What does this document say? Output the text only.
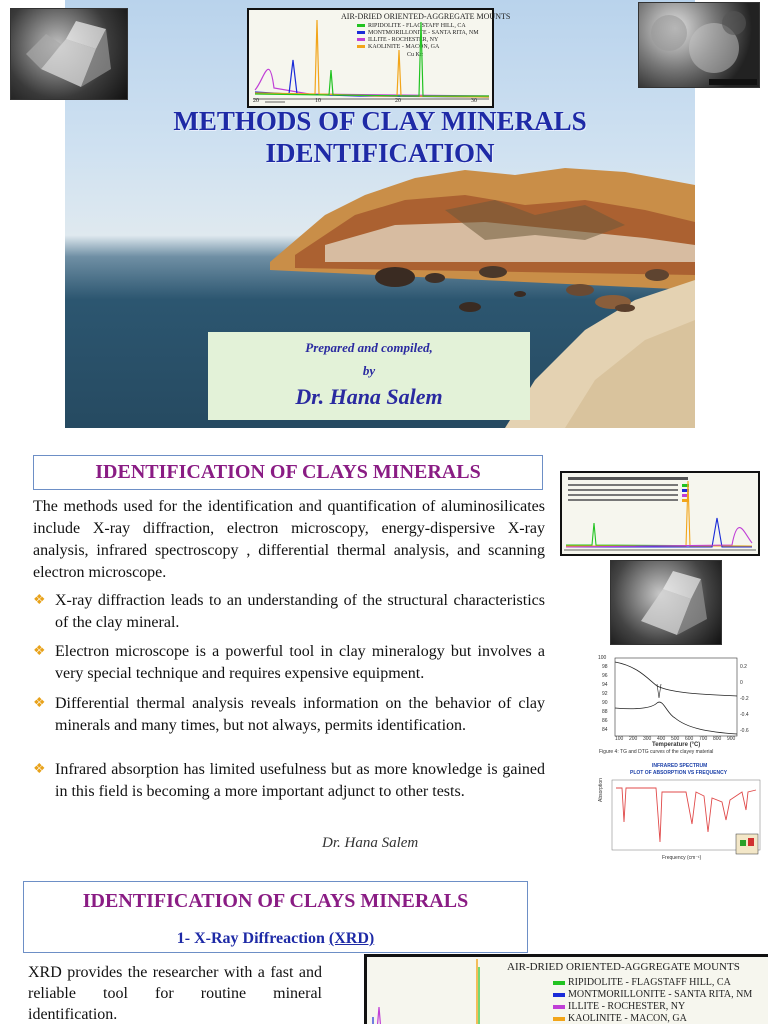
AIR-DRIED ORIENTED-AGGREGATE MOUNTS
RIPIDOLITE - FLAGSTAFF HILL, CA
MONTMORILLONITE - SANTA RITA, NM
ILLITE - ROCHESTER, NY
KAOLINITE - MACON, GA
Cu Kα
20	10	20	30
METHODS OF CLAY MINERALS
IDENTIFICATION
Prepared and compiled,
by
Dr. Hana Salem
IDENTIFICATION OF CLAYS MINERALS
The methods used for the identification and quantification of aluminosilicates include X-ray diffraction, electron microscopy, energy-dispersive X-ray analysis, infrared spectroscopy , differential thermal analysis, and scanning electron microscope.
❖ X-ray diffraction leads to an understanding of the structural characteristics of the clay mineral.
❖ Electron microscope is a powerful tool in clay mineralogy but involves a very special technique and requires expensive equipment.
❖ Differential thermal analysis reveals information on the behavior of clay minerals and many times, but not always, permits identification.
❖ Infrared absorption has limited usefulness but as more knowledge is gained in this field is becoming a more important adjunct to other tests.
Dr. Hana Salem
100
98
96
94
92
90
88
86
84
0.2
0
-0.2
-0.4
-0.6
100 200 300 400 500 600 700 800 900
Temperature (°C)
Figure 4: TG and DTG curves of the clayey material
INFRARED SPECTRUM
PLOT OF ABSORPTION VS FREQUENCY
Absorption
Frequency (cm⁻¹)
IDENTIFICATION OF CLAYS MINERALS
1- X-Ray Diffreaction (XRD)
XRD provides the researcher with a fast and reliable tool for routine mineral identification.
AIR-DRIED ORIENTED-AGGREGATE MOUNTS
RIPIDOLITE - FLAGSTAFF HILL, CA
MONTMORILLONITE - SANTA RITA, NM
ILLITE - ROCHESTER, NY
KAOLINITE - MACON, GA
